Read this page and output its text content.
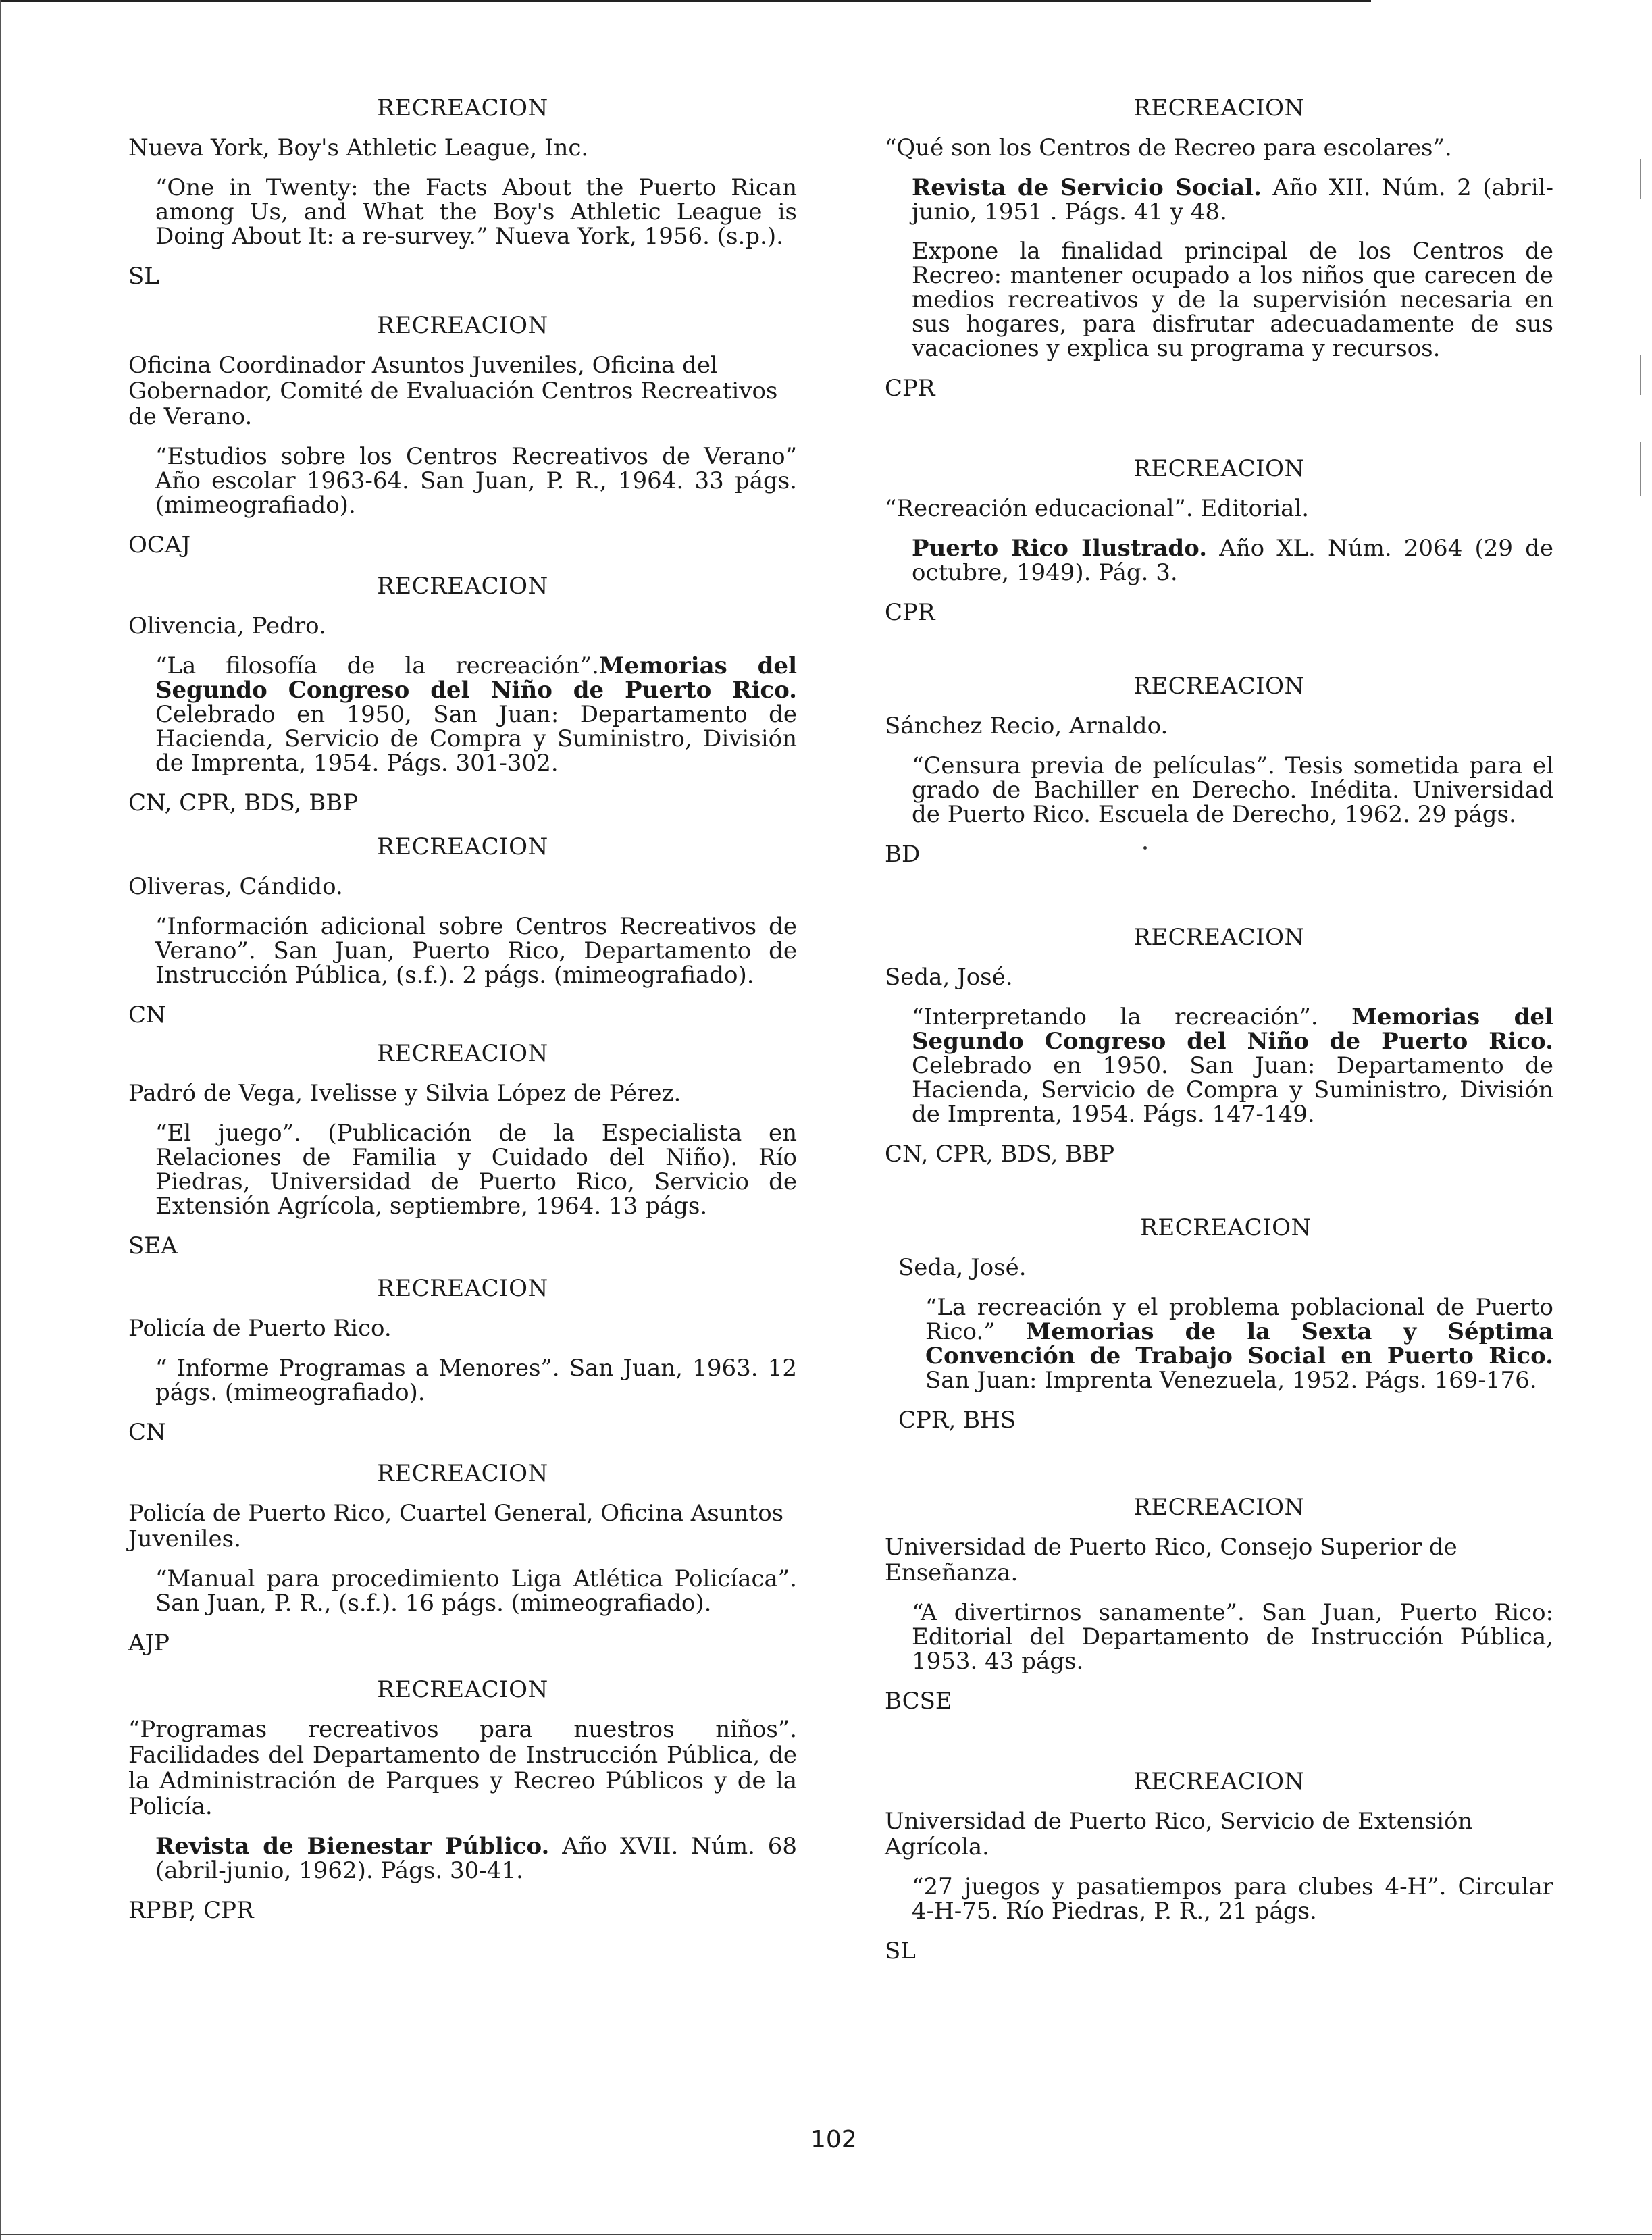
RECREACION

Nueva York, Boy's Athletic League, Inc.

“One in Twenty: the Facts About the Puerto Rican among Us, and What the Boy's Athletic League is Doing About It: a re-survey.” Nueva York, 1956. (s.p.).

SL

RECREACION

Oficina Coordinador Asuntos Juveniles, Oficina del Gobernador, Comité de Evaluación Centros Recreativos de Verano.

“Estudios sobre los Centros Recreativos de Verano” Año escolar 1963-64. San Juan, P. R., 1964. 33 págs. (mimeografiado).

OCAJ

RECREACION

Olivencia, Pedro.

“La filosofía de la recreación”.Memorias del Segundo Congreso del Niño de Puerto Rico. Celebrado en 1950, San Juan: Departamento de Hacienda, Servicio de Compra y Suministro, División de Imprenta, 1954. Págs. 301-302.

CN, CPR, BDS, BBP

RECREACION

Oliveras, Cándido.

“Información adicional sobre Centros Recreativos de Verano”. San Juan, Puerto Rico, Departamento de Instrucción Pública, (s.f.). 2 págs. (mimeografiado).

CN

RECREACION

Padró de Vega, Ivelisse y Silvia López de Pérez.

“El juego”. (Publicación de la Especialista en Relaciones de Familia y Cuidado del Niño). Río Piedras, Universidad de Puerto Rico, Servicio de Extensión Agrícola, septiembre, 1964. 13 págs.

SEA

RECREACION

Policía de Puerto Rico.

“ Informe Programas a Menores”. San Juan, 1963. 12 págs. (mimeografiado).

CN

RECREACION

Policía de Puerto Rico, Cuartel General, Oficina Asuntos Juveniles.

“Manual para procedimiento Liga Atlética Policíaca”. San Juan, P. R., (s.f.). 16 págs. (mimeografiado).

AJP

RECREACION

“Programas recreativos para nuestros niños”. Facilidades del Departamento de Instrucción Pública, de la Administración de Parques y Recreo Públicos y de la Policía.

Revista de Bienestar Público. Año XVII. Núm. 68 (abril-junio, 1962). Págs. 30-41.

RPBP, CPR

RECREACION

“Qué son los Centros de Recreo para escolares”.

Revista de Servicio Social. Año XII. Núm. 2 (abril-junio, 1951 . Págs. 41 y 48.

Expone la finalidad principal de los Centros de Recreo: mantener ocupado a los niños que carecen de medios recreativos y de la supervisión necesaria en sus hogares, para disfrutar adecuadamente de sus vacaciones y explica su programa y recursos.

CPR

RECREACION

“Recreación educacional”. Editorial.

Puerto Rico Ilustrado. Año XL. Núm. 2064 (29 de octubre, 1949). Pág. 3.

CPR

RECREACION

Sánchez Recio, Arnaldo.

“Censura previa de películas”. Tesis sometida para el grado de Bachiller en Derecho. Inédita. Universidad de Puerto Rico. Escuela de Derecho, 1962. 29 págs.

BD

RECREACION

Seda, José.

“Interpretando la recreación”. Memorias del Segundo Congreso del Niño de Puerto Rico. Celebrado en 1950. San Juan: Departamento de Hacienda, Servicio de Compra y Suministro, División de Imprenta, 1954. Págs. 147-149.

CN, CPR, BDS, BBP

RECREACION

Seda, José.

“La recreación y el problema poblacional de Puerto Rico.” Memorias de la Sexta y Séptima Convención de Trabajo Social en Puerto Rico. San Juan: Imprenta Venezuela, 1952. Págs. 169-176.

CPR, BHS

RECREACION

Universidad de Puerto Rico, Consejo Superior de Enseñanza.

“A divertirnos sanamente”. San Juan, Puerto Rico: Editorial del Departamento de Instrucción Pública, 1953. 43 págs.

BCSE

RECREACION

Universidad de Puerto Rico, Servicio de Extensión Agrícola.

“27 juegos y pasatiempos para clubes 4-H”. Circular 4-H-75. Río Piedras, P. R., 21 págs.

SL

102
